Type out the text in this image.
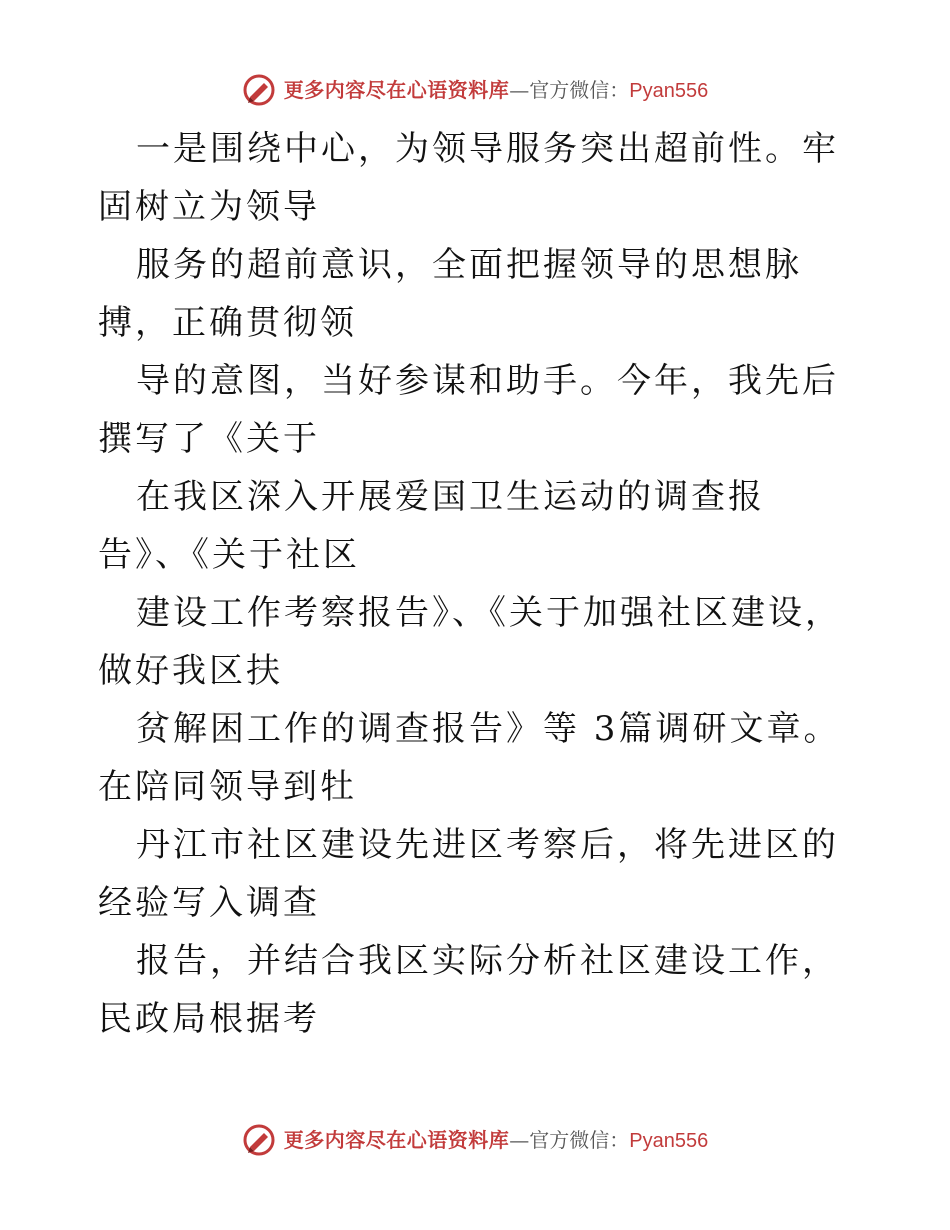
更多内容尽在心语资料库 —官方微信： Pyan556

一是围绕中心，为领导服务突出超前性。牢固树立为领导

服务的超前意识，全面把握领导的思想脉搏，正确贯彻领

导的意图，当好参谋和助手。今年，我先后撰写了《关于

在我区深入开展爱国卫生运动的调查报告》、《关于社区

建设工作考察报告》、《关于加强社区建设，做好我区扶

贫解困工作的调查报告》等 3篇调研文章。在陪同领导到牡

丹江市社区建设先进区考察后，将先进区的经验写入调查

报告，并结合我区实际分析社区建设工作，民政局根据考

更多内容尽在心语资料库 —官方微信： Pyan556
